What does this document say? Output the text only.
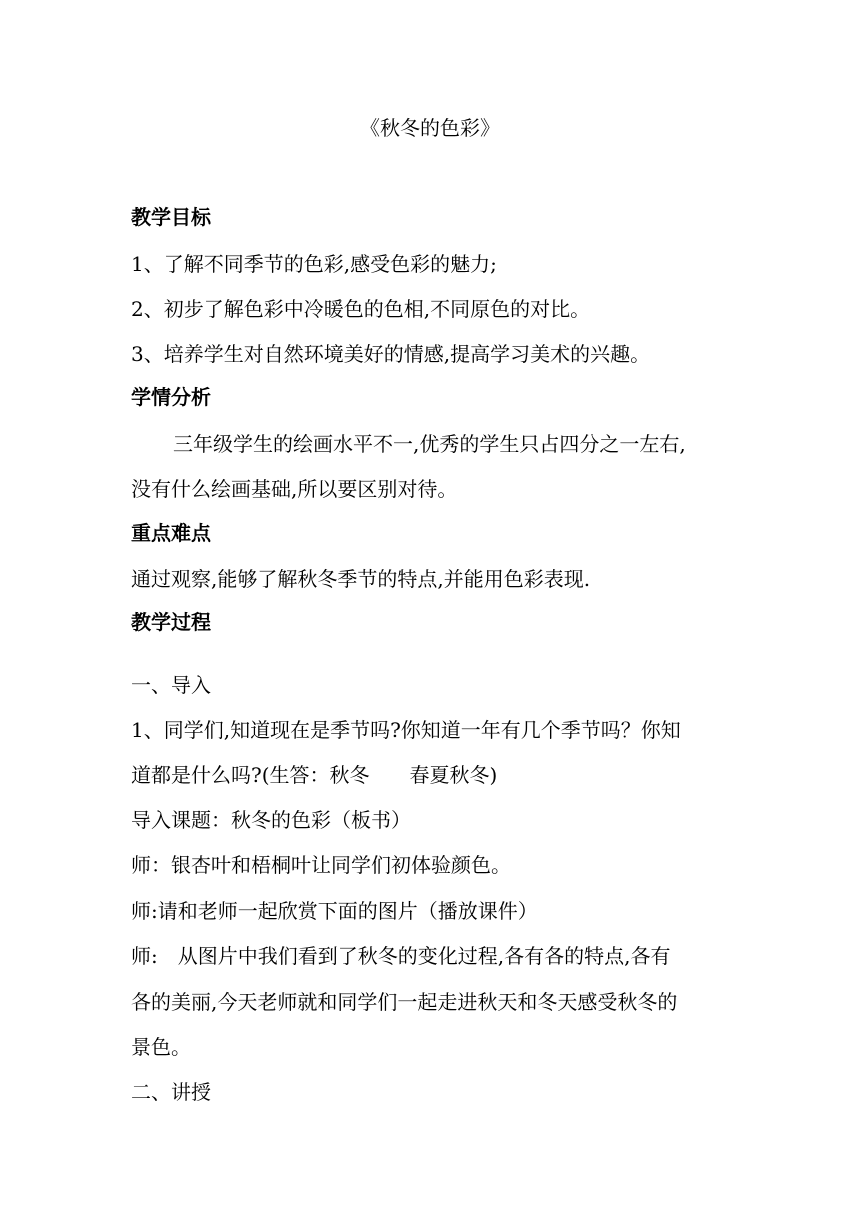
《秋冬的色彩》
教学目标
1、了解不同季节的色彩,感受色彩的魅力;
2、初步了解色彩中冷暖色的色相,不同原色的对比。
3、培养学生对自然环境美好的情感,提高学习美术的兴趣。
学情分析
三年级学生的绘画水平不一,优秀的学生只占四分之一左右,
没有什么绘画基础,所以要区别对待。
重点难点
通过观察,能够了解秋冬季节的特点,并能用色彩表现.
教学过程
一、导入
1、同学们,知道现在是季节吗?你知道一年有几个季节吗？你知
道都是什么吗?(生答：秋冬　　春夏秋冬)
导入课题：秋冬的色彩（板书）
师：银杏叶和梧桐叶让同学们初体验颜色。
师:请和老师一起欣赏下面的图片（播放课件）
师:　从图片中我们看到了秋冬的变化过程,各有各的特点,各有
各的美丽,今天老师就和同学们一起走进秋天和冬天感受秋冬的
景色。
二、讲授
